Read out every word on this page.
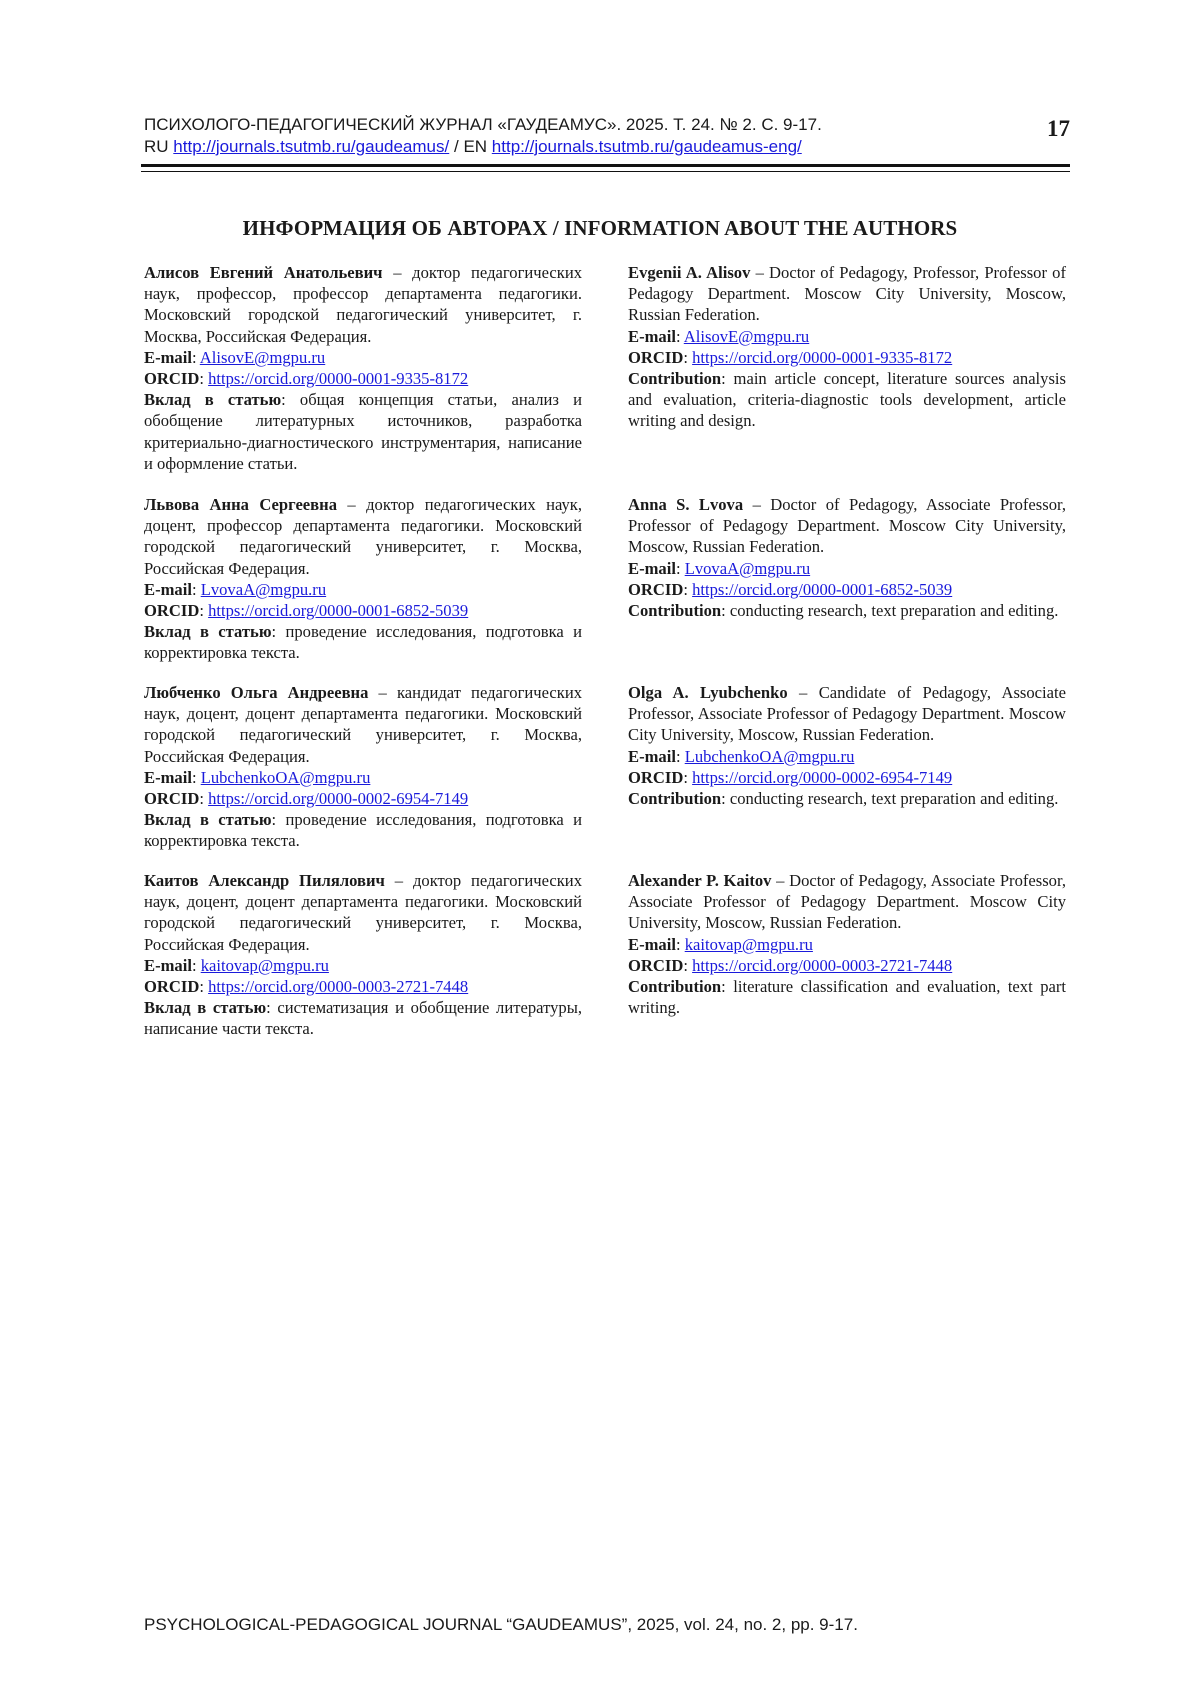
ПСИХОЛОГО-ПЕДАГОГИЧЕСКИЙ ЖУРНАЛ «ГАУДЕАМУС». 2025. Т. 24. № 2. С. 9-17.
RU http://journals.tsutmb.ru/gaudeamus/ / EN http://journals.tsutmb.ru/gaudeamus-eng/
17
ИНФОРМАЦИЯ ОБ АВТОРАХ / INFORMATION ABOUT THE AUTHORS

Алисов Евгений Анатольевич – доктор педагогических наук, профессор, профессор департамента педагогики. Московский городской педагогический университет, г. Москва, Российская Федерация.

E-mail: AlisovE@mgpu.ru

ORCID: https://orcid.org/0000-0001-9335-8172

Вклад в статью: общая концепция статьи, анализ и обобщение литературных источников, разработка критериально-диагностического инструментария, написание и оформление статьи.

Львова Анна Сергеевна – доктор педагогических наук, доцент, профессор департамента педагогики. Московский городской педагогический университет, г. Москва, Российская Федерация.

E-mail: LvovaA@mgpu.ru

ORCID: https://orcid.org/0000-0001-6852-5039

Вклад в статью: проведение исследования, подготовка и корректировка текста.

Любченко Ольга Андреевна – кандидат педагогических наук, доцент, доцент департамента педагогики. Московский городской педагогический университет, г. Москва, Российская Федерация.

E-mail: LubchenkoOA@mgpu.ru

ORCID: https://orcid.org/0000-0002-6954-7149

Вклад в статью: проведение исследования, подготовка и корректировка текста.

Каитов Александр Пилялович – доктор педагогических наук, доцент, доцент департамента педагогики. Московский городской педагогический университет, г. Москва, Российская Федерация.

E-mail: kaitovap@mgpu.ru

ORCID: https://orcid.org/0000-0003-2721-7448

Вклад в статью: систематизация и обобщение литературы, написание части текста.

Evgenii A. Alisov – Doctor of Pedagogy, Professor, Professor of Pedagogy Department. Moscow City University, Moscow, Russian Federation.

E-mail: AlisovE@mgpu.ru

ORCID: https://orcid.org/0000-0001-9335-8172

Contribution: main article concept, literature sources analysis and evaluation, criteria-diagnostic tools development, article writing and design.

Anna S. Lvova – Doctor of Pedagogy, Associate Professor, Professor of Pedagogy Department. Moscow City University, Moscow, Russian Federation.

E-mail: LvovaA@mgpu.ru

ORCID: https://orcid.org/0000-0001-6852-5039

Contribution: conducting research, text preparation and editing.

Olga A. Lyubchenko – Candidate of Pedagogy, Associate Professor, Associate Professor of Pedagogy Department. Moscow City University, Moscow, Russian Federation.

E-mail: LubchenkoOA@mgpu.ru

ORCID: https://orcid.org/0000-0002-6954-7149

Contribution: conducting research, text preparation and editing.

Alexander P. Kaitov – Doctor of Pedagogy, Associate Professor, Associate Professor of Pedagogy Department. Moscow City University, Moscow, Russian Federation.

E-mail: kaitovap@mgpu.ru

ORCID: https://orcid.org/0000-0003-2721-7448

Contribution: literature classification and evaluation, text part writing.

PSYCHOLOGICAL-PEDAGOGICAL JOURNAL “GAUDEAMUS”, 2025, vol. 24, no. 2, pp. 9-17.
